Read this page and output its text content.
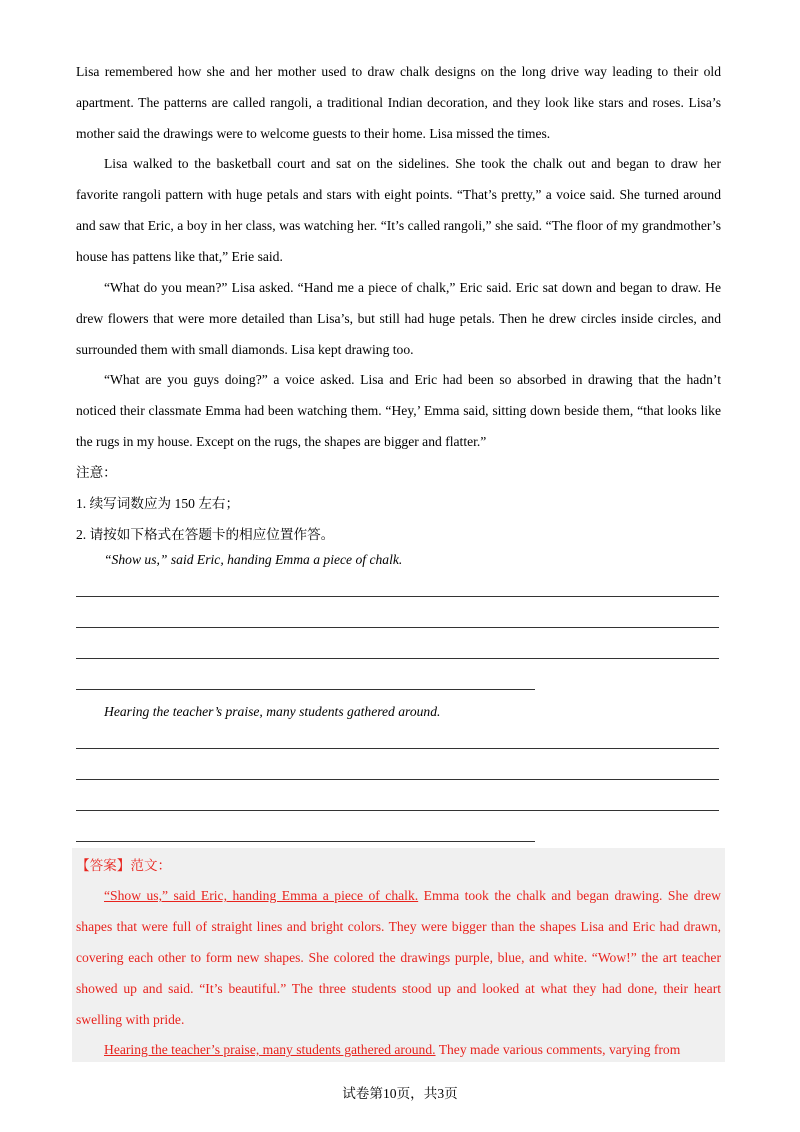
Lisa remembered how she and her mother used to draw chalk designs on the long drive way leading to their old apartment. The patterns are called rangoli, a traditional Indian decoration, and they look like stars and roses. Lisa’s mother said the drawings were to welcome guests to their home. Lisa missed the times.

Lisa walked to the basketball court and sat on the sidelines. She took the chalk out and began to draw her favorite rangoli pattern with huge petals and stars with eight points. “That’s pretty,” a voice said. She turned around and saw that Eric, a boy in her class, was watching her. “It’s called rangoli,” she said. “The floor of my grandmother’s house has pattens like that,” Erie said.

“What do you mean?” Lisa asked. “Hand me a piece of chalk,” Eric said. Eric sat down and began to draw. He drew flowers that were more detailed than Lisa’s, but still had huge petals. Then he drew circles inside circles, and surrounded them with small diamonds. Lisa kept drawing too.

“What are you guys doing?” a voice asked. Lisa and Eric had been so absorbed in drawing that the hadn’t noticed their classmate Emma had been watching them. “Hey,’ Emma said, sitting down beside them, “that looks like the rugs in my house. Except on the rugs, the shapes are bigger and flatter.”

注意：

1. 续写词数应为 150 左右；

2. 请按如下格式在答题卡的相应位置作答。

“Show us,” said Eric, handing Emma a piece of chalk.

Hearing the teacher’s praise, many students gathered around.

【答案】范文：

“Show us,” said Eric, handing Emma a piece of chalk. Emma took the chalk and began drawing. She drew shapes that were full of straight lines and bright colors. They were bigger than the shapes Lisa and Eric had drawn, covering each other to form new shapes. She colored the drawings purple, blue, and white. “Wow!” the art teacher showed up and said. “It’s beautiful.” The three students stood up and looked at what they had done, their heart swelling with pride.

Hearing the teacher’s praise, many students gathered around. They made various comments, varying from

试卷第10页，共3页
